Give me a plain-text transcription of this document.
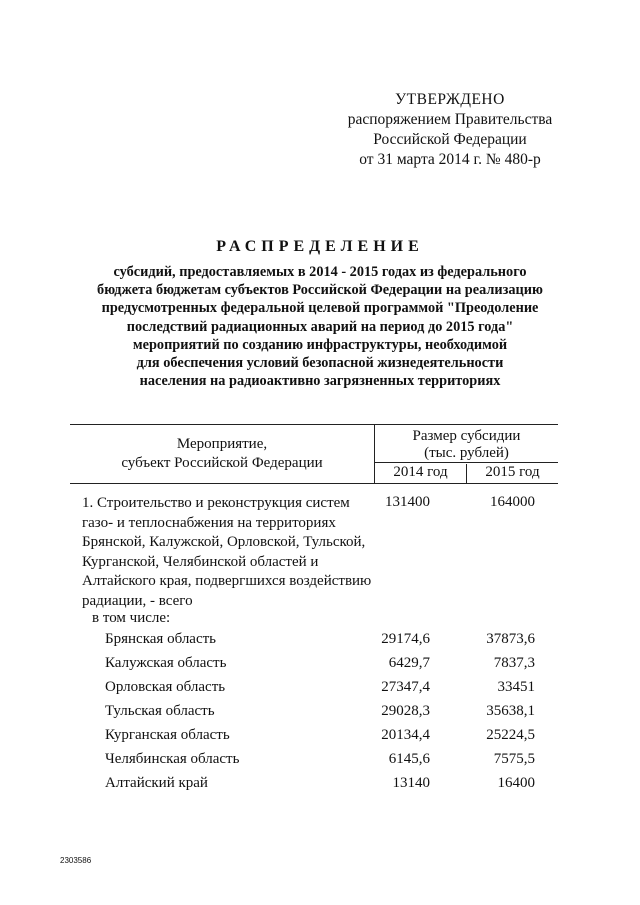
УТВЕРЖДЕНО
распоряжением Правительства
Российской Федерации
от 31 марта 2014 г. № 480-р
РАСПРЕДЕЛЕНИЕ
субсидий, предоставляемых в 2014 - 2015 годах из федерального
бюджета бюджетам субъектов Российской Федерации на реализацию
предусмотренных федеральной целевой программой "Преодоление
последствий радиационных аварий на период до 2015 года"
мероприятий по созданию инфраструктуры, необходимой
для обеспечения условий безопасной жизнедеятельности
населения на радиоактивно загрязненных территориях
Мероприятие,
субъект Российской Федерации
Размер субсидии
(тыс. рублей)
2014 год	2015 год
1. Строительство и реконструкция систем
газо- и теплоснабжения на территориях
Брянской, Калужской, Орловской, Тульской,
Курганской, Челябинской областей и
Алтайского края, подвергшихся воздействию
радиации, - всего
131400	164000
в том числе:
Брянская область	29174,6	37873,6
Калужская область	6429,7	7837,3
Орловская область	27347,4	33451
Тульская область	29028,3	35638,1
Курганская область	20134,4	25224,5
Челябинская область	6145,6	7575,5
Алтайский край	13140	16400
2303586
